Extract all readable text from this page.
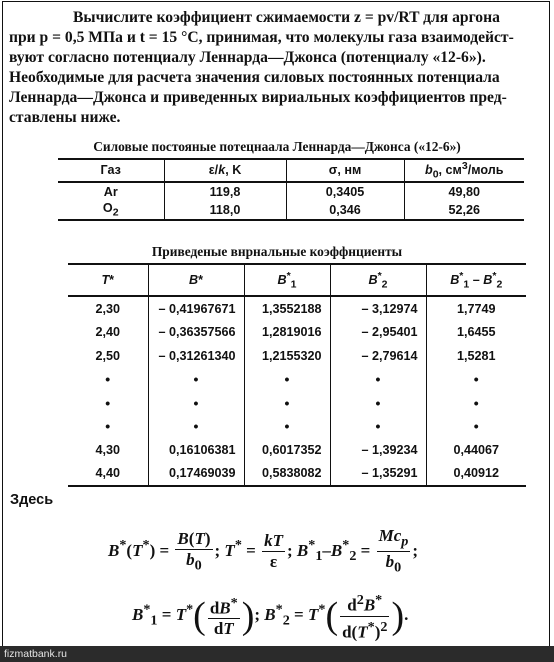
Вычислите коэффициент сжимаемости z = pv/RT для аргона
при p = 0,5 МПа и t = 15 °C, принимая, что молекулы газа взаимодейст-
вуют согласно потенциалу Леннарда—Джонса (потенциалу «12-6»).
Необходимые для расчета значения силовых постоянных потенциала
Леннарда—Джонса и приведенных вириальных коэффициентов пред-
ставлены ниже.
Силовые постояные потецнаала Леннарда—Джонса («12-6»)
Газ	ε/k, K	σ, нм	$b_0$, $см^3$/моль
Ar	119,8	0,3405	49,80
$O_2$	118,0	0,346	52,26
Приведеные внрнальные коэффнциенты
T*	B*	$B^*_1$	$B^*_2$	$B^*_1 - B^*_2$
2,30	– 0,41967671	1,3552188	– 3,12974	1,7749
2,40	– 0,36357566	1,2819016	– 2,95401	1,6455
2,50	– 0,31261340	1,2155320	– 2,79614	1,5281
•	•	•	•	•
•	•	•	•	•
•	•	•	•	•
4,30	0,16106381	0,6017352	– 1,39234	0,44067
4,40	0,17469039	0,5838082	– 1,35291	0,40912
Здесь
$B^*(T^*) = \frac{B(T)}{b_0}$ ; $T^* = \frac{kT}{\varepsilon}$ ; $B^*_1-B^*_2 = \frac{Mc_p}{b_0}$ ;
$B^*_1 = T^*( \frac{dB^*}{dT}$ ); $B^*_2 = T^*( \frac{d^2B^*}{d(T^*)^2}$ ).
fizmatbank.ru
